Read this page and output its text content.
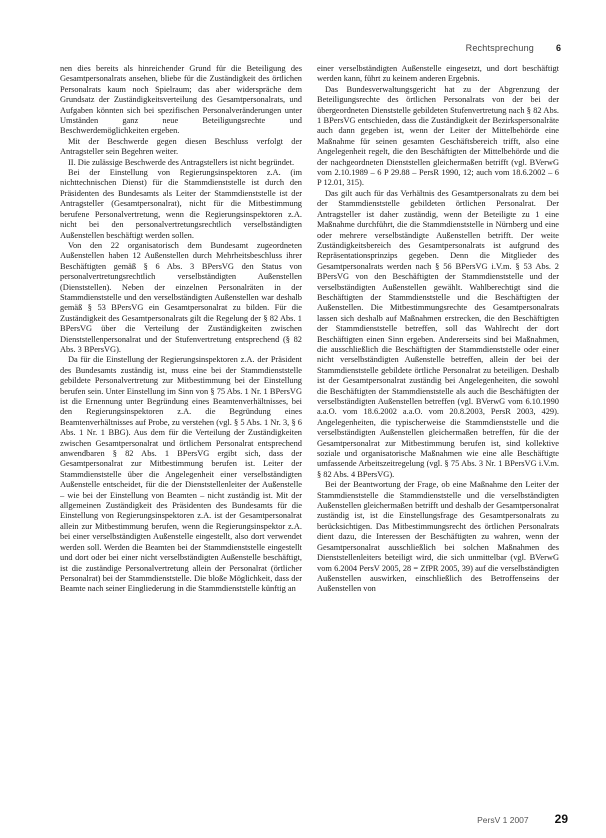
Rechtsprechung 6

nen dies bereits als hinreichender Grund für die Beteiligung des Gesamtpersonalrats ansehen, bliebe für die Zuständigkeit des örtlichen Personalrats kaum noch Spielraum; das aber widerspräche dem Grundsatz der Zuständigkeitsverteilung des Gesamtpersonalrats, und Aufgaben könnten sich bei spezifischen Personalveränderungen unter Umständen ganz neue Beteiligungsrechte und Beschwerdemöglichkeiten ergeben.

Mit der Beschwerde gegen diesen Beschluss verfolgt der Antragsteller sein Begehren weiter.

II. Die zulässige Beschwerde des Antragstellers ist nicht begründet.

Bei der Einstellung von Regierungsinspektoren z.A. (im nichttechnischen Dienst) für die Stammdienststelle ist durch den Präsidenten des Bundesamts als Leiter der Stammdienststelle ist der Antragsteller (Gesamtpersonalrat), nicht für die Mitbestimmung berufene Personalvertretung, wenn die Regierungsinspektoren z.A. nicht bei den personalvertretungsrechtlich verselbständigten Außenstellen beschäftigt werden sollen.

Von den 22 organisatorisch dem Bundesamt zugeordneten Außenstellen haben 12 Außenstellen durch Mehrheitsbeschluss ihrer Beschäftigten gemäß § 6 Abs. 3 BPersVG den Status von personalvertretungsrechtlich verselbständigten Außenstellen (Dienststellen). Neben der einzelnen Personalräten in der Stammdienststelle und den verselbständigten Außenstellen war deshalb gemäß § 53 BPersVG ein Gesamtpersonalrat zu bilden. Für die Zuständigkeit des Gesamtpersonalrats gilt die Regelung der § 82 Abs. 1 BPersVG über die Verteilung der Zuständigkeiten zwischen Dienststellenpersonalrat und der Stufenvertretung entsprechend (§ 82 Abs. 3 BPersVG).

Da für die Einstellung der Regierungsinspektoren z.A. der Präsident des Bundesamts zuständig ist, muss eine bei der Stammdienststelle gebildete Personalvertretung zur Mitbestimmung bei der Einstellung berufen sein. Unter Einstellung im Sinn von § 75 Abs. 1 Nr. 1 BPersVG ist die Ernennung unter Begründung eines Beamtenverhältnisses, bei den Regierungsinspektoren z.A. die Begründung eines Beamtenverhältnisses auf Probe, zu verstehen (vgl. § 5 Abs. 1 Nr. 3, § 6 Abs. 1 Nr. 1 BBG). Aus dem für die Verteilung der Zuständigkeiten zwischen Gesamtpersonalrat und örtlichem Personalrat entsprechend anwendbaren § 82 Abs. 1 BPersVG ergibt sich, dass der Gesamtpersonalrat zur Mitbestimmung berufen ist. Leiter der Stammdienststelle über die Angelegenheit einer verselbständigten Außenstelle entscheidet, für die der Dienststellenleiter der Außenstelle – wie bei der Einstellung von Beamten – nicht zuständig ist. Mit der allgemeinen Zuständigkeit des Präsidenten des Bundesamts für die Einstellung von Regierungsinspektoren z.A. ist der Gesamtpersonalrat allein zur Mitbestimmung berufen, wenn die Regierungsinspektor z.A. bei einer verselbständigten Außenstelle eingestellt, also dort verwendet werden soll. Werden die Beamten bei der Stammdienststelle eingestellt und dort oder bei einer nicht verselbständigten Außenstelle beschäftigt, ist die zuständige Personalvertretung allein der Personalrat (örtlicher Personalrat) bei der Stammdienststelle. Die bloße Möglichkeit, dass der Beamte nach seiner Eingliederung in die Stammdienststelle künftig an

einer verselbständigten Außenstelle eingesetzt, und dort beschäftigt werden kann, führt zu keinem anderen Ergebnis.

Das Bundesverwaltungsgericht hat zu der Abgrenzung der Beteiligungsrechte des örtlichen Personalrats von der bei der übergeordneten Dienststelle gebildeten Stufenvertretung nach § 82 Abs. 1 BPersVG entschieden, dass die Zuständigkeit der Bezirkspersonalräte auch dann gegeben ist, wenn der Leiter der Mittelbehörde eine Maßnahme für seinen gesamten Geschäftsbereich trifft, also eine Angelegenheit regelt, die den Beschäftigten der Mittelbehörde und die der nachgeordneten Dienststellen gleichermaßen betrifft (vgl. BVerwG vom 2.10.1989 – 6 P 29.88 – PersR 1990, 12; auch vom 18.6.2002 – 6 P 12.01, 315).

Das gilt auch für das Verhältnis des Gesamtpersonalrats zu dem bei der Stammdienststelle gebildeten örtlichen Personalrat. Der Antragsteller ist daher zuständig, wenn der Beteiligte zu 1 eine Maßnahme durchführt, die die Stammdienststelle in Nürnberg und eine oder mehrere verselbständigte Außenstellen betrifft. Der weite Zuständigkeitsbereich des Gesamtpersonalrats ist aufgrund des Repräsentationsprinzips gegeben. Denn die Mitglieder des Gesamtpersonalrats werden nach § 56 BPersVG i.V.m. § 53 Abs. 2 BPersVG von den Beschäftigten der Stammdienststelle und der verselbständigten Außenstellen gewählt. Wahlberechtigt sind die Beschäftigten der Stammdienststelle und die Beschäftigten der Außenstellen. Die Mitbestimmungsrechte des Gesamtpersonalrats lassen sich deshalb auf Maßnahmen erstrecken, die den Beschäftigten der Stammdienststelle betreffen, soll das Wahlrecht der dort Beschäftigten einen Sinn ergeben. Andererseits sind bei Maßnahmen, die ausschließlich die Beschäftigten der Stammdienststelle oder einer nicht verselbständigten Außenstelle betreffen, allein der bei der Stammdienststelle gebildete örtliche Personalrat zu beteiligen. Deshalb ist der Gesamtpersonalrat zuständig bei Angelegenheiten, die sowohl die Beschäftigten der Stammdienststelle als auch die Beschäftigten der verselbständigten Außenstellen betreffen (vgl. BVerwG vom 6.10.1990 a.a.O. vom 18.6.2002 a.a.O. vom 20.8.2003, PersR 2003, 429). Angelegenheiten, die typischerweise die Stammdienststelle und die verselbständigten Außenstellen gleichermaßen betreffen, für die der Gesamtpersonalrat zur Mitbestimmung berufen ist, sind kollektive soziale und organisatorische Maßnahmen wie eine alle Beschäftigte umfassende Arbeitszeitregelung (vgl. § 75 Abs. 3 Nr. 1 BPersVG i.V.m. § 82 Abs. 4 BPersVG).

Bei der Beantwortung der Frage, ob eine Maßnahme den Leiter der Stammdienststelle die Stammdienststelle und die verselbständigten Außenstellen gleichermaßen betrifft und deshalb der Gesamtpersonalrat zuständig ist, ist die Einstellungsfrage des Gesamtpersonalrats zu berücksichtigen. Das Mitbestimmungsrecht des örtlichen Personalrats dient dazu, die Interessen der Beschäftigten zu wahren, wenn der Gesamtpersonalrat ausschließlich bei solchen Maßnahmen des Dienststellenleiters beteiligt wird, die sich unmittelbar (vgl. BVerwG vom 6.2004 PersV 2005, 28 = ZfPR 2005, 39) auf die verselbständigten Außenstellen auswirken, einschließlich des Betroffenseins der Außenstellen von

PersV 1 2007 29
